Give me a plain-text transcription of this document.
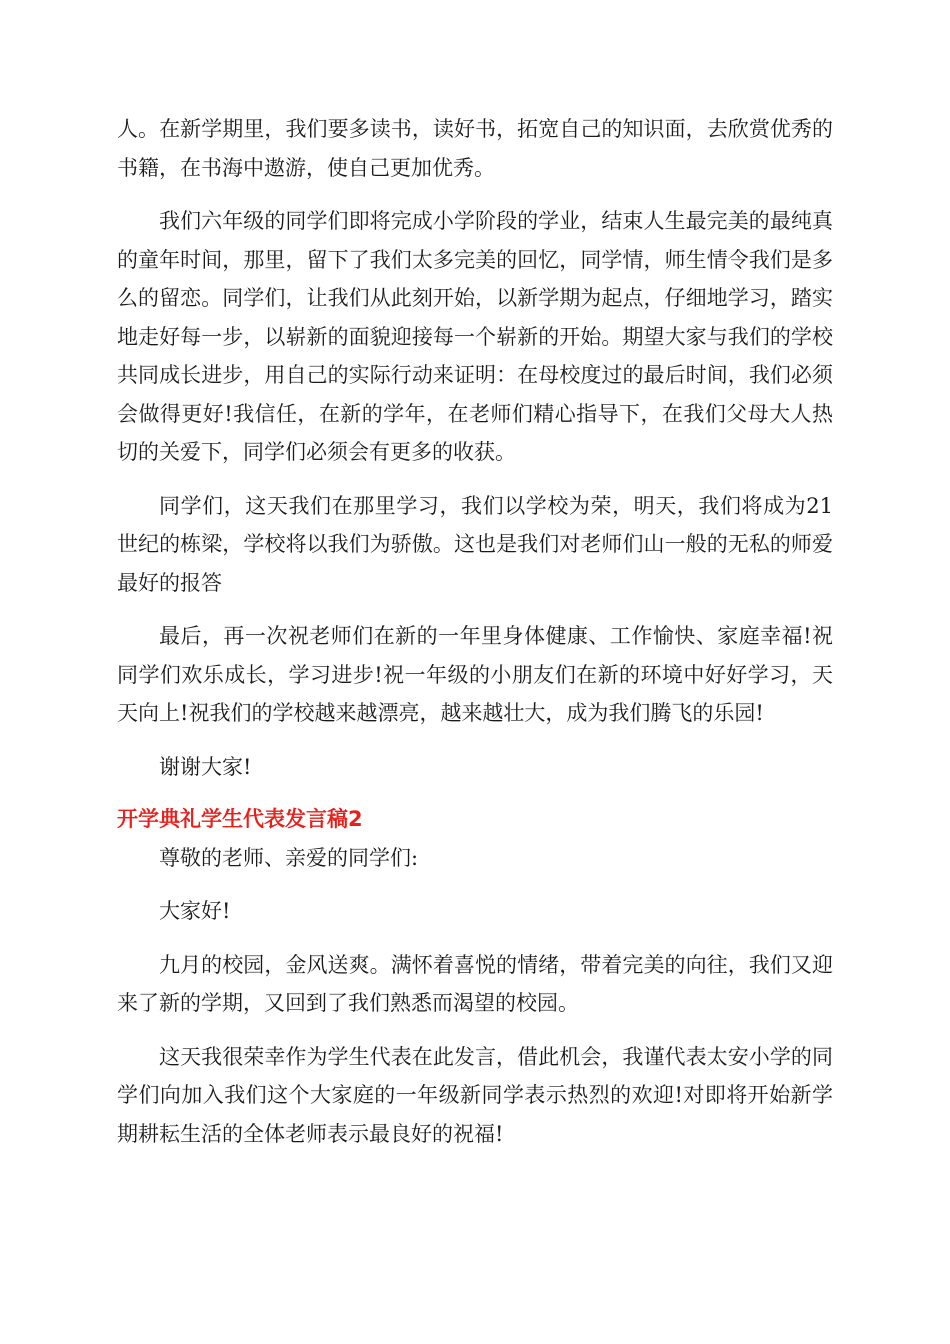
人。在新学期里，我们要多读书，读好书，拓宽自己的知识面，去欣赏优秀的书籍，在书海中遨游，使自己更加优秀。

我们六年级的同学们即将完成小学阶段的学业，结束人生最完美的最纯真的童年时间，那里，留下了我们太多完美的回忆，同学情，师生情令我们是多么的留恋。同学们，让我们从此刻开始，以新学期为起点，仔细地学习，踏实地走好每一步，以崭新的面貌迎接每一个崭新的开始。期望大家与我们的学校共同成长进步，用自己的实际行动来证明：在母校度过的最后时间，我们必须会做得更好!我信任，在新的学年，在老师们精心指导下，在我们父母大人热切的关爱下，同学们必须会有更多的收获。

同学们，这天我们在那里学习，我们以学校为荣，明天，我们将成为21世纪的栋梁，学校将以我们为骄傲。这也是我们对老师们山一般的无私的师爱最好的报答

最后，再一次祝老师们在新的一年里身体健康、工作愉快、家庭幸福!祝同学们欢乐成长，学习进步!祝一年级的小朋友们在新的环境中好好学习，天天向上!祝我们的学校越来越漂亮，越来越壮大，成为我们腾飞的乐园!

谢谢大家!

开学典礼学生代表发言稿2

尊敬的老师、亲爱的同学们:

大家好!

九月的校园，金风送爽。满怀着喜悦的情绪，带着完美的向往，我们又迎来了新的学期，又回到了我们熟悉而渴望的校园。

这天我很荣幸作为学生代表在此发言，借此机会，我谨代表太安小学的同学们向加入我们这个大家庭的一年级新同学表示热烈的欢迎!对即将开始新学期耕耘生活的全体老师表示最良好的祝福!
